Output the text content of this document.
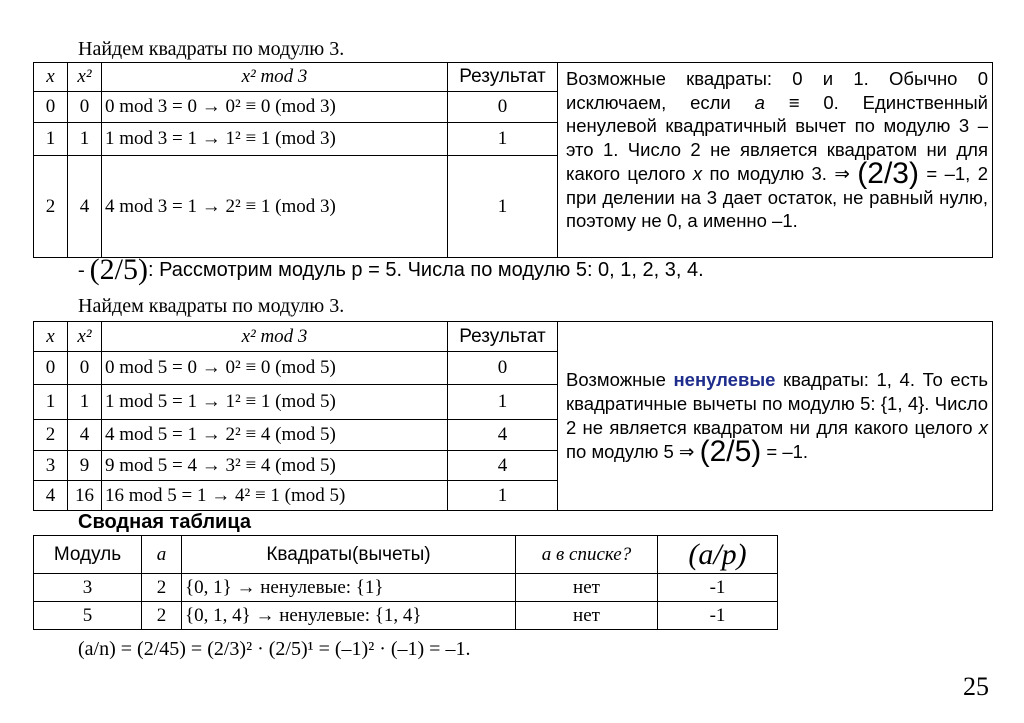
Найдем квадраты по модулю 3.
x	x²	x² mod 3	Результат	Возможные квадраты: 0 и 1. Обычно 0 исключаем, если a ≡ 0. Единственный ненулевой квадратичный вычет по модулю 3 – это 1. Число 2 не является квадратом ни для какого целого x по модулю 3. ⇒ (2/3) = –1, 2 при делении на 3 дает остаток, не равный нулю, поэтому не 0, а именно –1.
0	0	0 mod 3 = 0 → 0² ≡ 0 (mod 3)	0	
1	1	1 mod 3 = 1 → 1² ≡ 1 (mod 3)	1	
2	4	4 mod 3 = 1 → 2² ≡ 1 (mod 3)	1	
- (2/5): Рассмотрим модуль p = 5. Числа по модулю 5: 0, 1, 2, 3, 4.
Найдем квадраты по модулю 3.
x	x²	x² mod 3	Результат	Возможные ненулевые квадраты: 1, 4. То есть квадратичные вычеты по модулю 5: {1, 4}. Число 2 не является квадратом ни для какого целого x по модулю 5 ⇒ (2/5) = –1.
0	0	0 mod 5 = 0 → 0² ≡ 0 (mod 5)	0	
1	1	1 mod 5 = 1 → 1² ≡ 1 (mod 5)	1	
2	4	4 mod 5 = 1 → 2² ≡ 4 (mod 5)	4	
3	9	9 mod 5 = 4 → 3² ≡ 4 (mod 5)	4	
4	16	16 mod 5 = 1 → 4² ≡ 1 (mod 5)	1	
Сводная таблица
Модуль	a	Квадраты(вычеты)	a в списке?	(a/p)
3	2	{0, 1} → ненулевые: {1}	нет	-1
5	2	{0, 1, 4} → ненулевые: {1, 4}	нет	-1
(a/n) = (2/45) = (2/3)² · (2/5)¹ = (–1)² · (–1) = –1.
25
